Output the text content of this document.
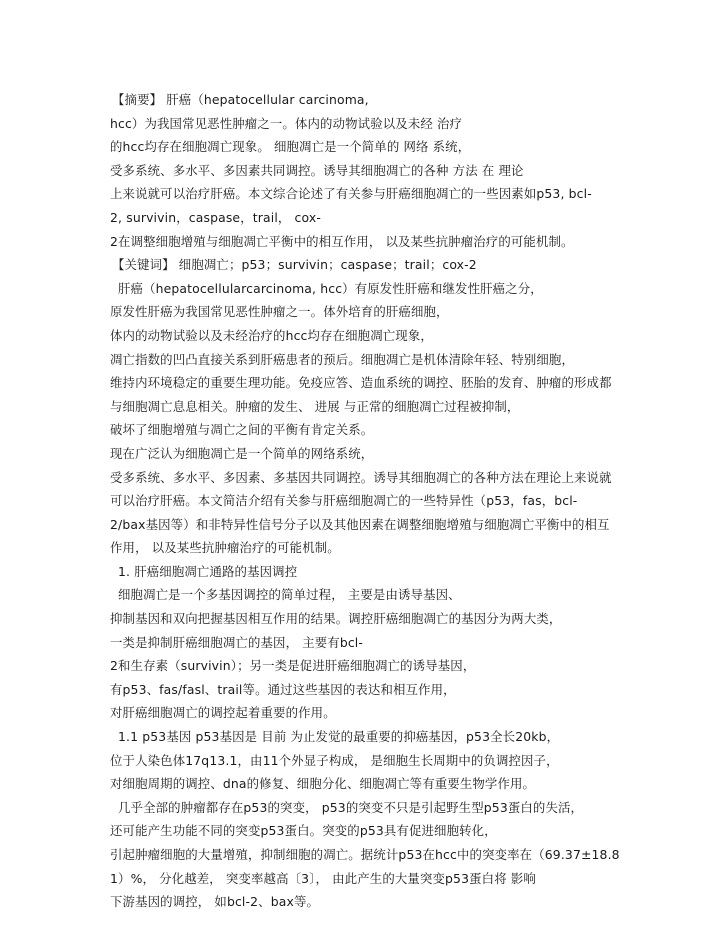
【摘要】 肝癌（hepatocellular carcinoma,
hcc）为我国常见恶性肿瘤之一。体内的动物试验以及未经 治疗
的hcc均存在细胞凋亡现象。 细胞凋亡是一个简单的 网络 系统，
受多系统、多水平、多因素共同调控。诱导其细胞凋亡的各种 方法 在 理论
上来说就可以治疗肝癌。本文综合论述了有关参与肝癌细胞凋亡的一些因素如p53, bcl-
2, survivin，caspase，trail， cox-
2在调整细胞增殖与细胞凋亡平衡中的相互作用， 以及某些抗肿瘤治疗的可能机制。
【关键词】 细胞凋亡；p53；survivin；caspase；trail；cox-2
肝癌（hepatocellularcarcinoma, hcc）有原发性肝癌和继发性肝癌之分，
原发性肝癌为我国常见恶性肿瘤之一。体外培育的肝癌细胞，
体内的动物试验以及未经治疗的hcc均存在细胞凋亡现象，
凋亡指数的凹凸直接关系到肝癌患者的预后。细胞凋亡是机体清除年轻、特别细胞，
维持内环境稳定的重要生理功能。免疫应答、造血系统的调控、胚胎的发育、肿瘤的形成都
与细胞凋亡息息相关。肿瘤的发生、 进展 与正常的细胞凋亡过程被抑制，
破坏了细胞增殖与凋亡之间的平衡有肯定关系。
现在广泛认为细胞凋亡是一个简单的网络系统，
受多系统、多水平、多因素、多基因共同调控。诱导其细胞凋亡的各种方法在理论上来说就
可以治疗肝癌。本文简洁介绍有关参与肝癌细胞凋亡的一些特异性（p53，fas，bcl-
2/bax基因等）和非特异性信号分子以及其他因素在调整细胞增殖与细胞凋亡平衡中的相互
作用， 以及某些抗肿瘤治疗的可能机制。
1. 肝癌细胞凋亡通路的基因调控
细胞凋亡是一个多基因调控的简单过程， 主要是由诱导基因、
抑制基因和双向把握基因相互作用的结果。调控肝癌细胞凋亡的基因分为两大类，
一类是抑制肝癌细胞凋亡的基因， 主要有bcl-
2和生存素（survivin）；另一类是促进肝癌细胞凋亡的诱导基因，
有p53、fas/fasl、trail等。通过这些基因的表达和相互作用，
对肝癌细胞凋亡的调控起着重要的作用。
1.1 p53基因 p53基因是 目前 为止发觉的最重要的抑癌基因，p53全长20kb，
位于人染色体17q13.1，由11个外显子构成， 是细胞生长周期中的负调控因子，
对细胞周期的调控、dna的修复、细胞分化、细胞凋亡等有重要生物学作用。
几乎全部的肿瘤都存在p53的突变， p53的突变不只是引起野生型p53蛋白的失活，
还可能产生功能不同的突变p53蛋白。突变的p53具有促进细胞转化，
引起肿瘤细胞的大量增殖，抑制细胞的凋亡。据统计p53在hcc中的突变率在（69.37±18.8
1）%， 分化越差， 突变率越高〔3〕， 由此产生的大量突变p53蛋白将 影响
下游基因的调控， 如bcl-2、bax等。
